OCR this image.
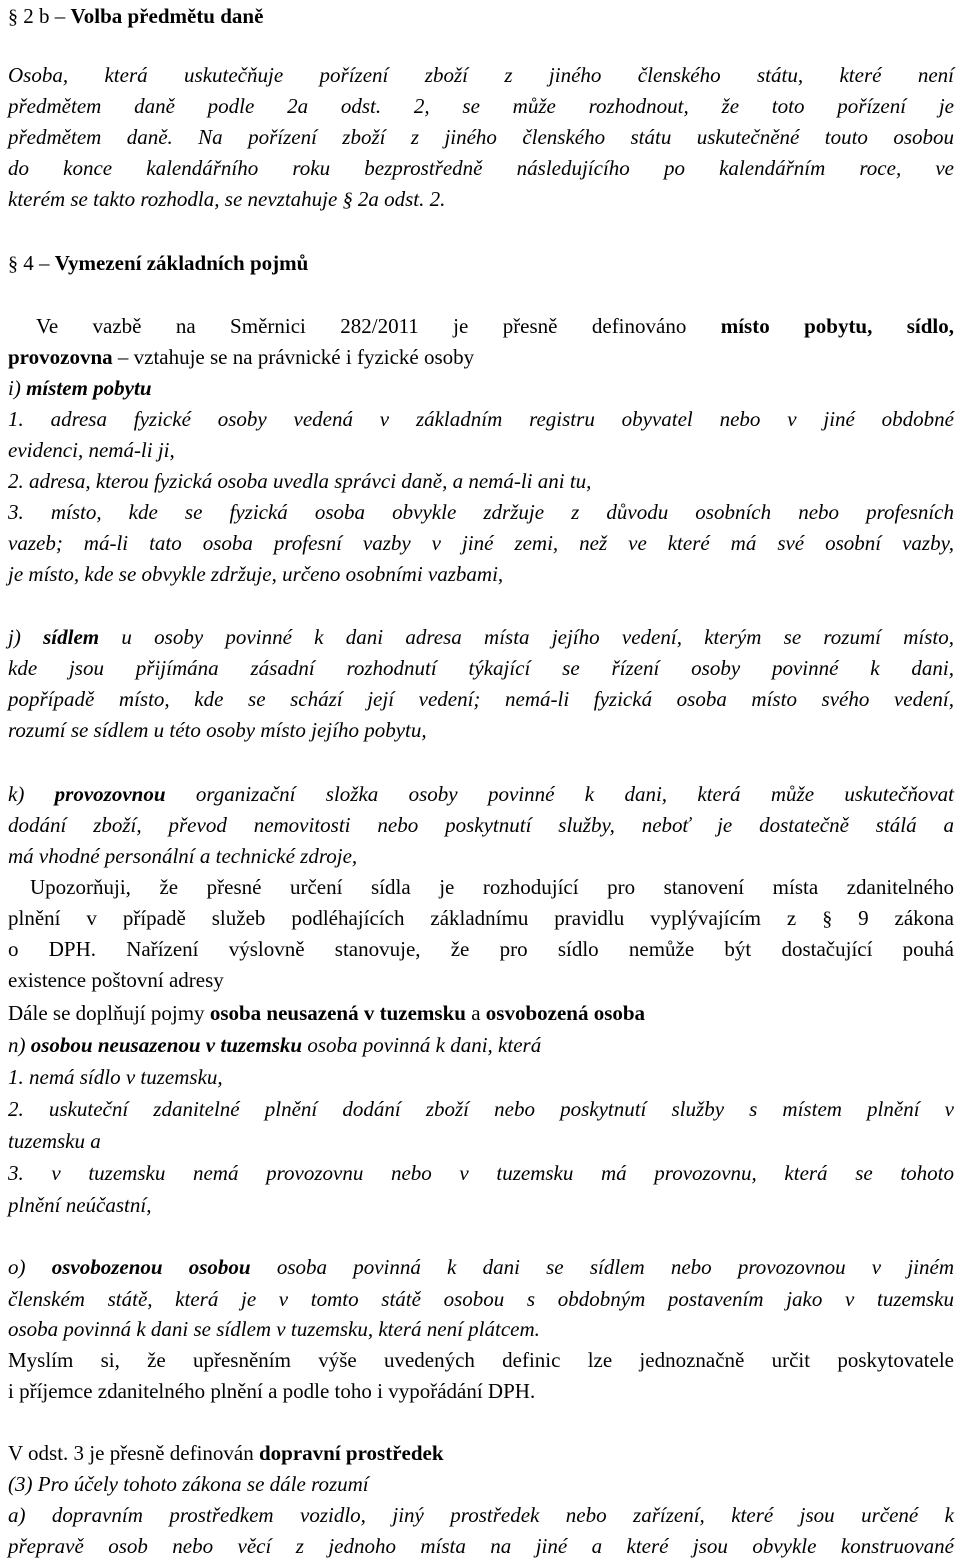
§ 2 b – Volba předmětu daně
Osoba, která uskutečňuje pořízení zboží z jiného členského státu, které není
předmětem daně podle 2a odst. 2, se může rozhodnout, že toto pořízení je
předmětem daně. Na pořízení zboží z jiného členského státu uskutečněné touto osobou
do konce kalendářního roku bezprostředně následujícího po kalendářním roce, ve
kterém se takto rozhodla, se nevztahuje § 2a odst. 2.
§ 4 – Vymezení základních pojmů
Ve vazbě na Směrnici 282/2011 je přesně definováno místo pobytu, sídlo,
provozovna – vztahuje se na právnické i fyzické osoby
i) místem pobytu
1. adresa fyzické osoby vedená v základním registru obyvatel nebo v jiné obdobné
evidenci, nemá-li ji,
2. adresa, kterou fyzická osoba uvedla správci daně, a nemá-li ani tu,
3. místo, kde se fyzická osoba obvykle zdržuje z důvodu osobních nebo profesních
vazeb; má-li tato osoba profesní vazby v jiné zemi, než ve které má své osobní vazby,
je místo, kde se obvykle zdržuje, určeno osobními vazbami,
j) sídlem u osoby povinné k dani adresa místa jejího vedení, kterým se rozumí místo,
kde jsou přijímána zásadní rozhodnutí týkající se řízení osoby povinné k dani,
popřípadě místo, kde se schází její vedení; nemá-li fyzická osoba místo svého vedení,
rozumí se sídlem u této osoby místo jejího pobytu,
k) provozovnou organizační složka osoby povinné k dani, která může uskutečňovat
dodání zboží, převod nemovitosti nebo poskytnutí služby, neboť je dostatečně stálá a
má vhodné personální a technické zdroje,
Upozorňuji, že přesné určení sídla je rozhodující pro stanovení místa zdanitelného
plnění v případě služeb podléhajících základnímu pravidlu vyplývajícím z § 9 zákona
o DPH. Nařízení výslovně stanovuje, že pro sídlo nemůže být dostačující pouhá
existence poštovní adresy
Dále se doplňují pojmy osoba neusazená v tuzemsku a osvobozená osoba
n) osobou neusazenou v tuzemsku osoba povinná k dani, která
1. nemá sídlo v tuzemsku,
2. uskuteční zdanitelné plnění dodání zboží nebo poskytnutí služby s místem plnění v
tuzemsku a
3. v tuzemsku nemá provozovnu nebo v tuzemsku má provozovnu, která se tohoto
plnění neúčastní,
o) osvobozenou osobou osoba povinná k dani se sídlem nebo provozovnou v jiném
členském státě, která je v tomto státě osobou s obdobným postavením jako v tuzemsku
osoba povinná k dani se sídlem v tuzemsku, která není plátcem.
Myslím si, že upřesněním výše uvedených definic lze jednoznačně určit poskytovatele
i příjemce zdanitelného plnění a podle toho i vypořádání DPH.
V odst. 3 je přesně definován dopravní prostředek
(3) Pro účely tohoto zákona se dále rozumí
a) dopravním prostředkem vozidlo, jiný prostředek nebo zařízení, které jsou určené k
přepravě osob nebo věcí z jednoho místa na jiné a které jsou obvykle konstruované
